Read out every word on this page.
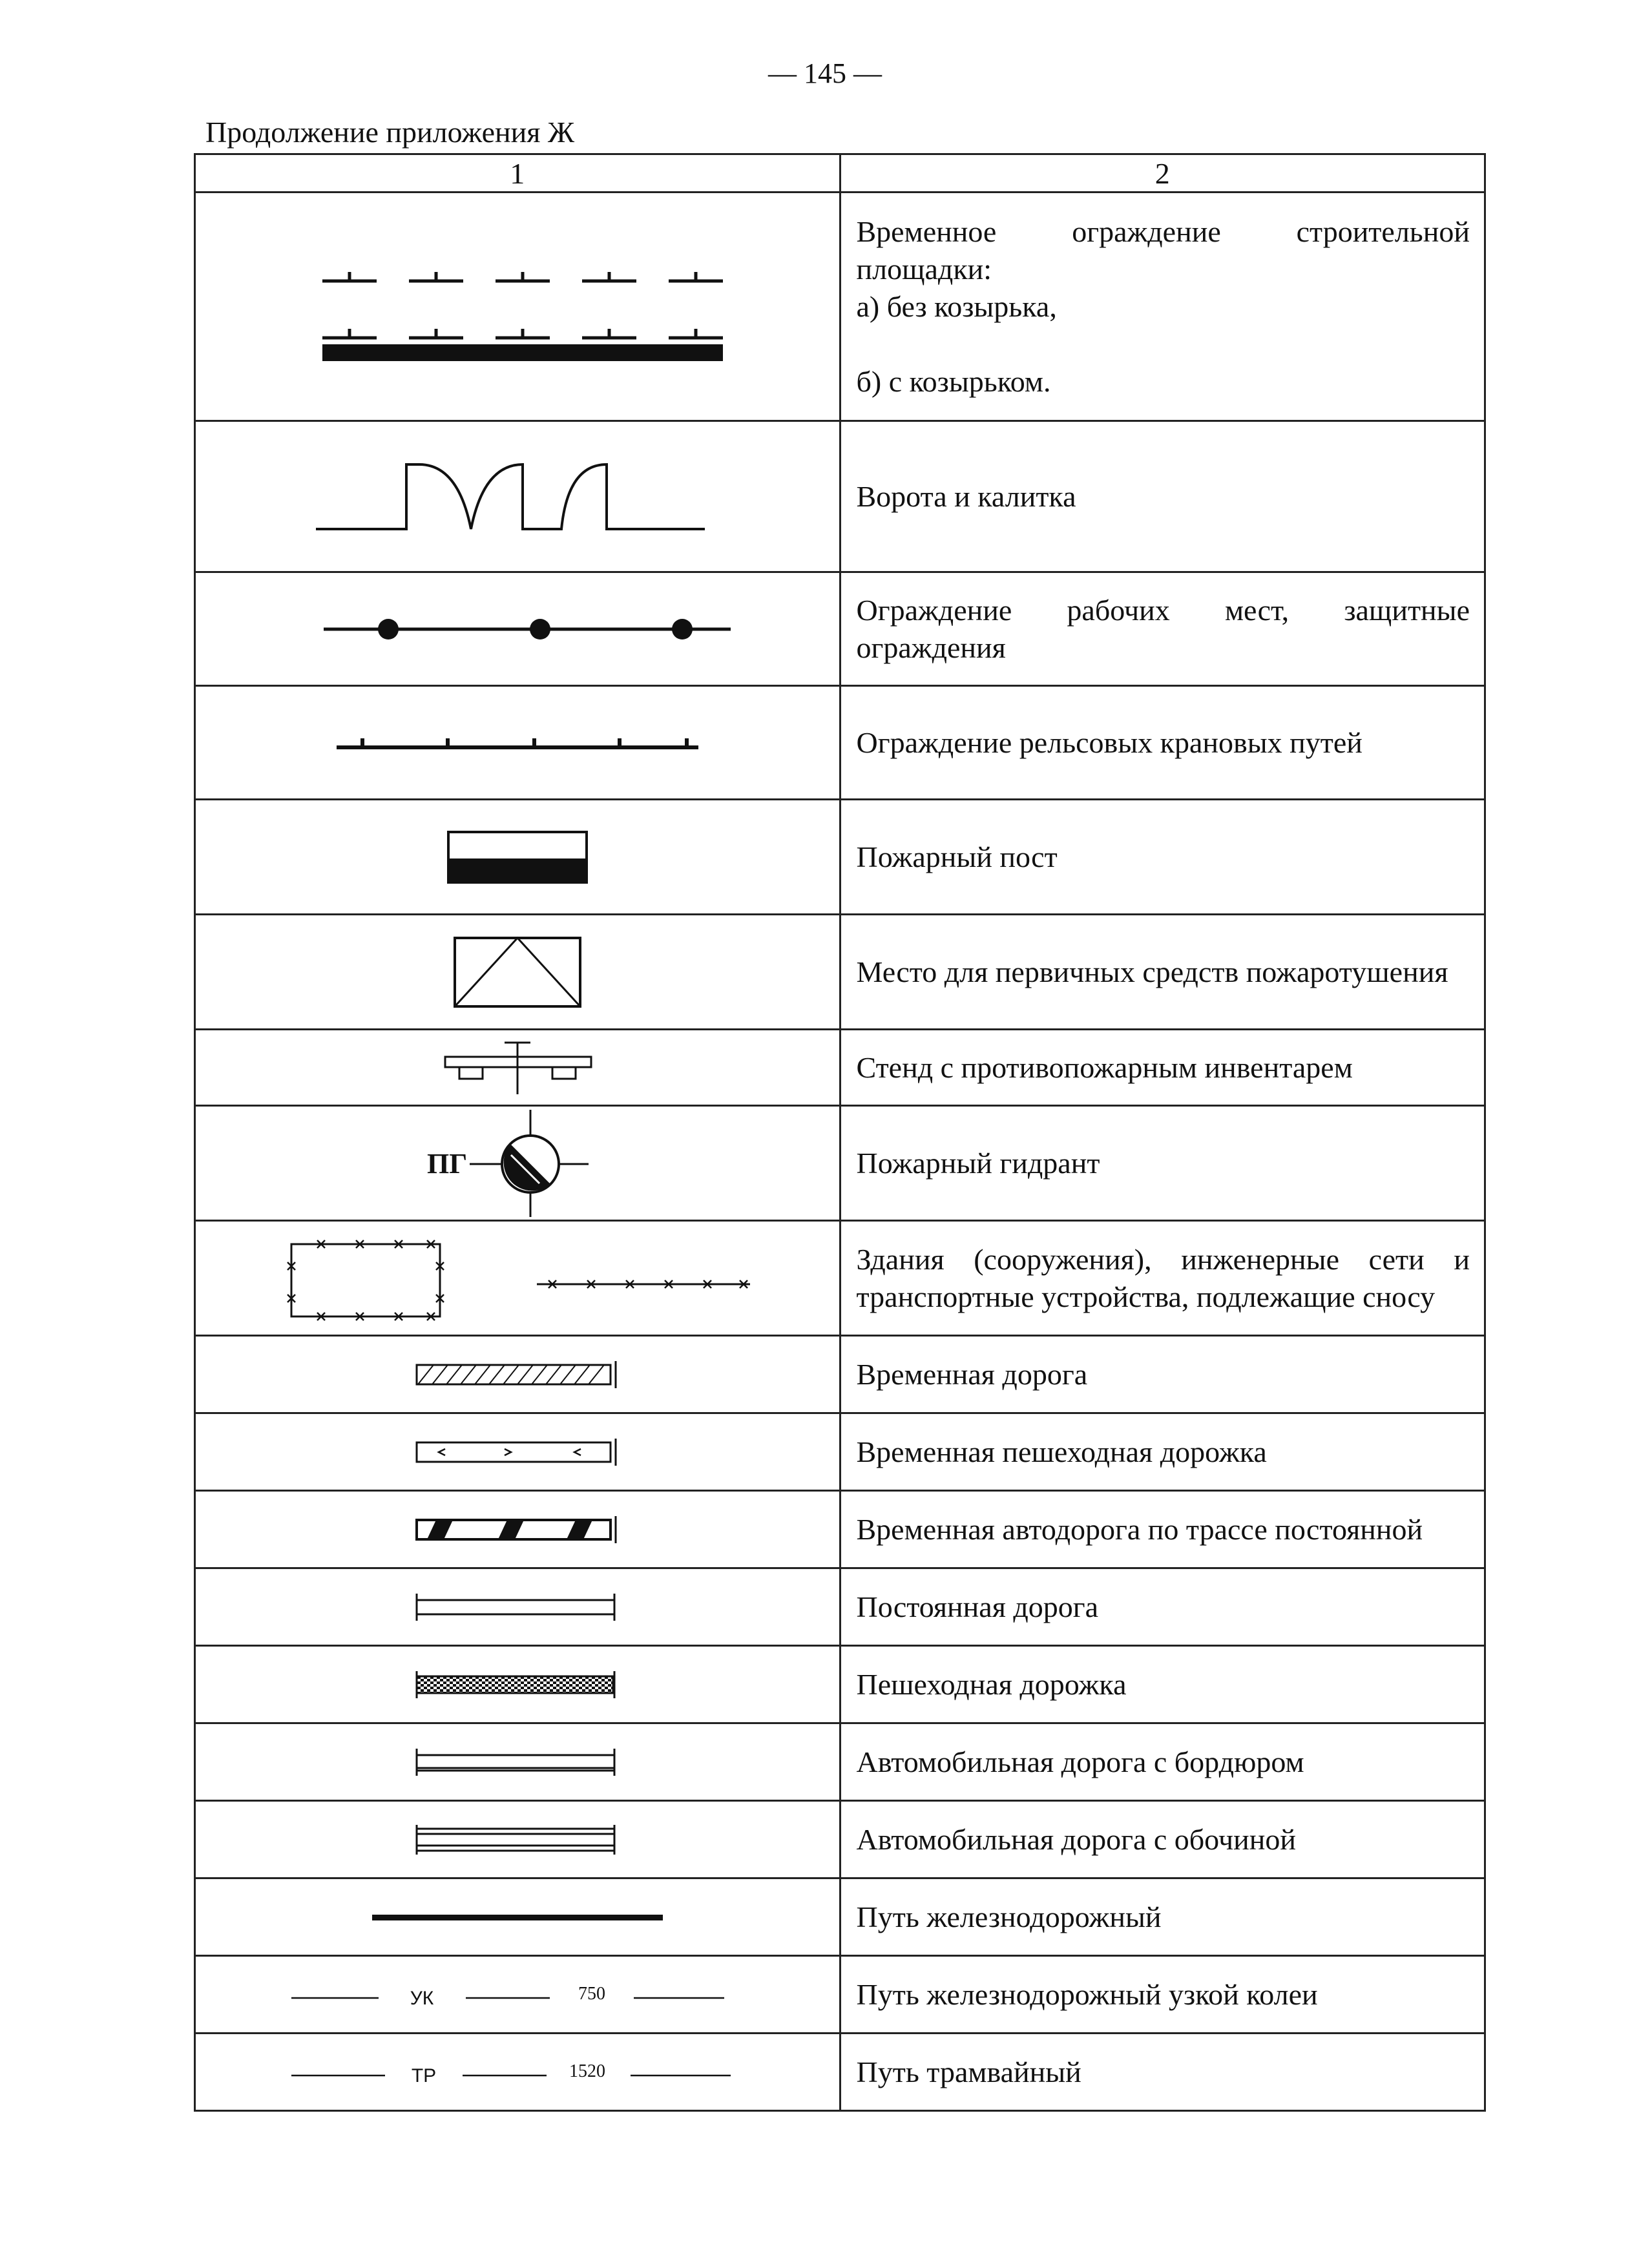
— 145 —
Продолжение приложения Ж
1	2

	Временное ограждение строительной площадки:
а) без козырька,

б) с козырьком.

	Ворота и калитка

	Ограждение рабочих мест, защитные ограждения

	Ограждение рельсовых крановых путей

	Пожарный пост

	Место для первичных средств пожаротушения

	Стенд с противопожарным инвентарем

ПГ	Пожарный гидрант

	Здания (сооружения), инженерные сети и транспортные устройства, подлежащие сносу

	Временная дорога

	Временная пешеходная дорожка

	Временная автодорога по трассе постоянной

	Постоянная дорога

	Пешеходная дорожка

	Автомобильная дорога с бордюром

	Автомобильная дорога с обочиной

	Путь железнодорожный

УК 750	Путь железнодорожный узкой колеи

ТР 1520	Путь трамвайный
